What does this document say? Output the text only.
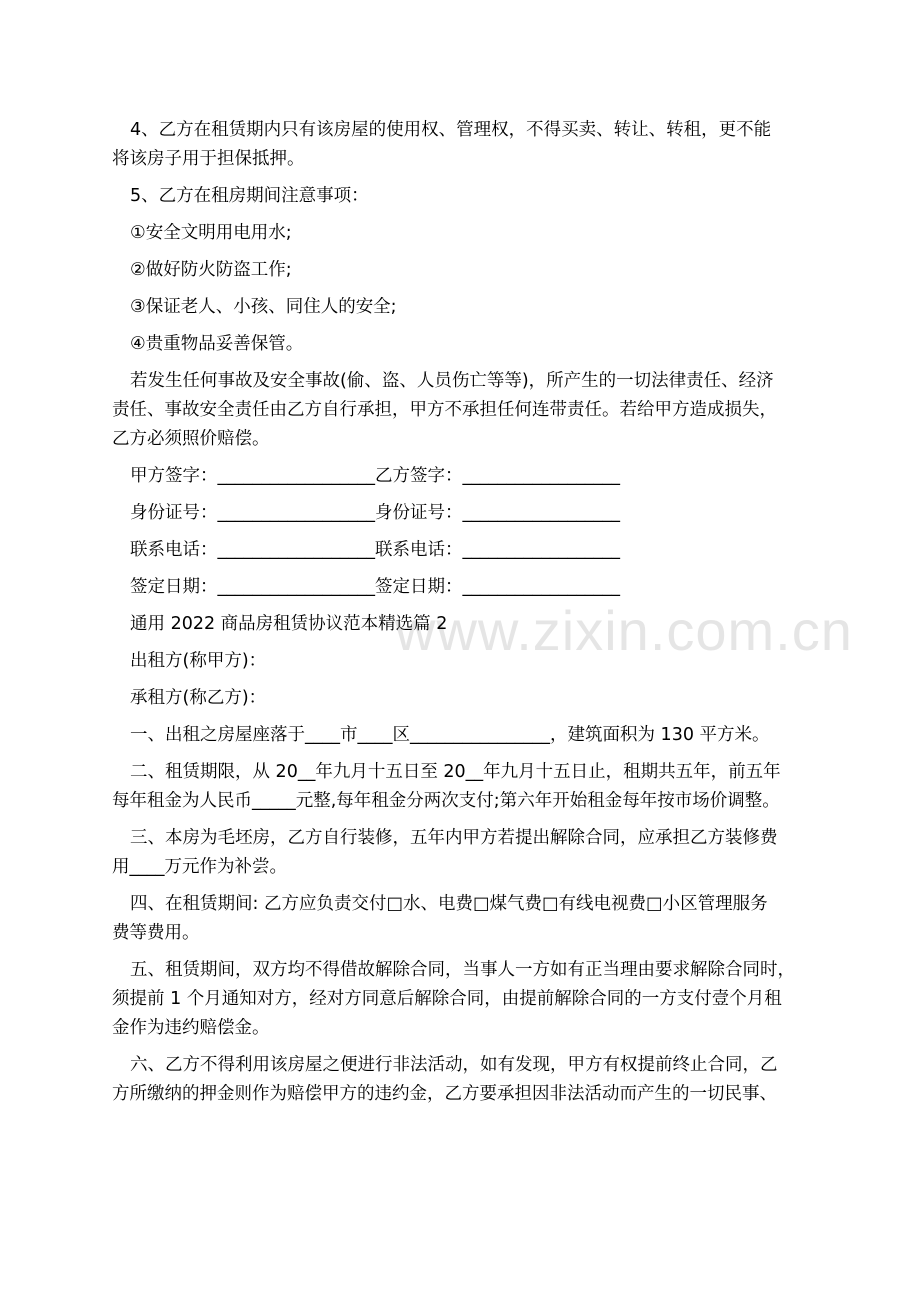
www.zixin.com.cn

4、乙方在租赁期内只有该房屋的使用权、管理权，不得买卖、转让、转租，更不能

将该房子用于担保抵押。

5、乙方在租房期间注意事项：

①安全文明用电用水;

②做好防火防盗工作;

③保证老人、小孩、同住人的安全;

④贵重物品妥善保管。

若发生任何事故及安全事故(偷、盗、人员伤亡等等)，所产生的一切法律责任、经济

责任、事故安全责任由乙方自行承担，甲方不承担任何连带责任。若给甲方造成损失，

乙方必须照价赔偿。

甲方签字：__________________乙方签字：__________________

身份证号：__________________身份证号：__________________

联系电话：__________________联系电话：__________________

签定日期：__________________签定日期：__________________

通用 2022 商品房租赁协议范本精选篇 2

出租方(称甲方)：

承租方(称乙方)：

一、出租之房屋座落于____市____区________________，建筑面积为 130 平方米。

二、租赁期限，从 20__年九月十五日至 20__年九月十五日止，租期共五年，前五年

每年租金为人民币_____元整,每年租金分两次支付;第六年开始租金每年按市场价调整。

三、本房为毛坯房，乙方自行装修，五年内甲方若提出解除合同，应承担乙方装修费

用____万元作为补尝。

四、在租赁期间: 乙方应负责交付□水、电费□煤气费□有线电视费□小区管理服务

费等费用。

五、租赁期间，双方均不得借故解除合同，当事人一方如有正当理由要求解除合同时，

须提前 1 个月通知对方，经对方同意后解除合同，由提前解除合同的一方支付壹个月租

金作为违约赔偿金。

六、乙方不得利用该房屋之便进行非法活动，如有发现，甲方有权提前终止合同，乙

方所缴纳的押金则作为赔偿甲方的违约金，乙方要承担因非法活动而产生的一切民事、
